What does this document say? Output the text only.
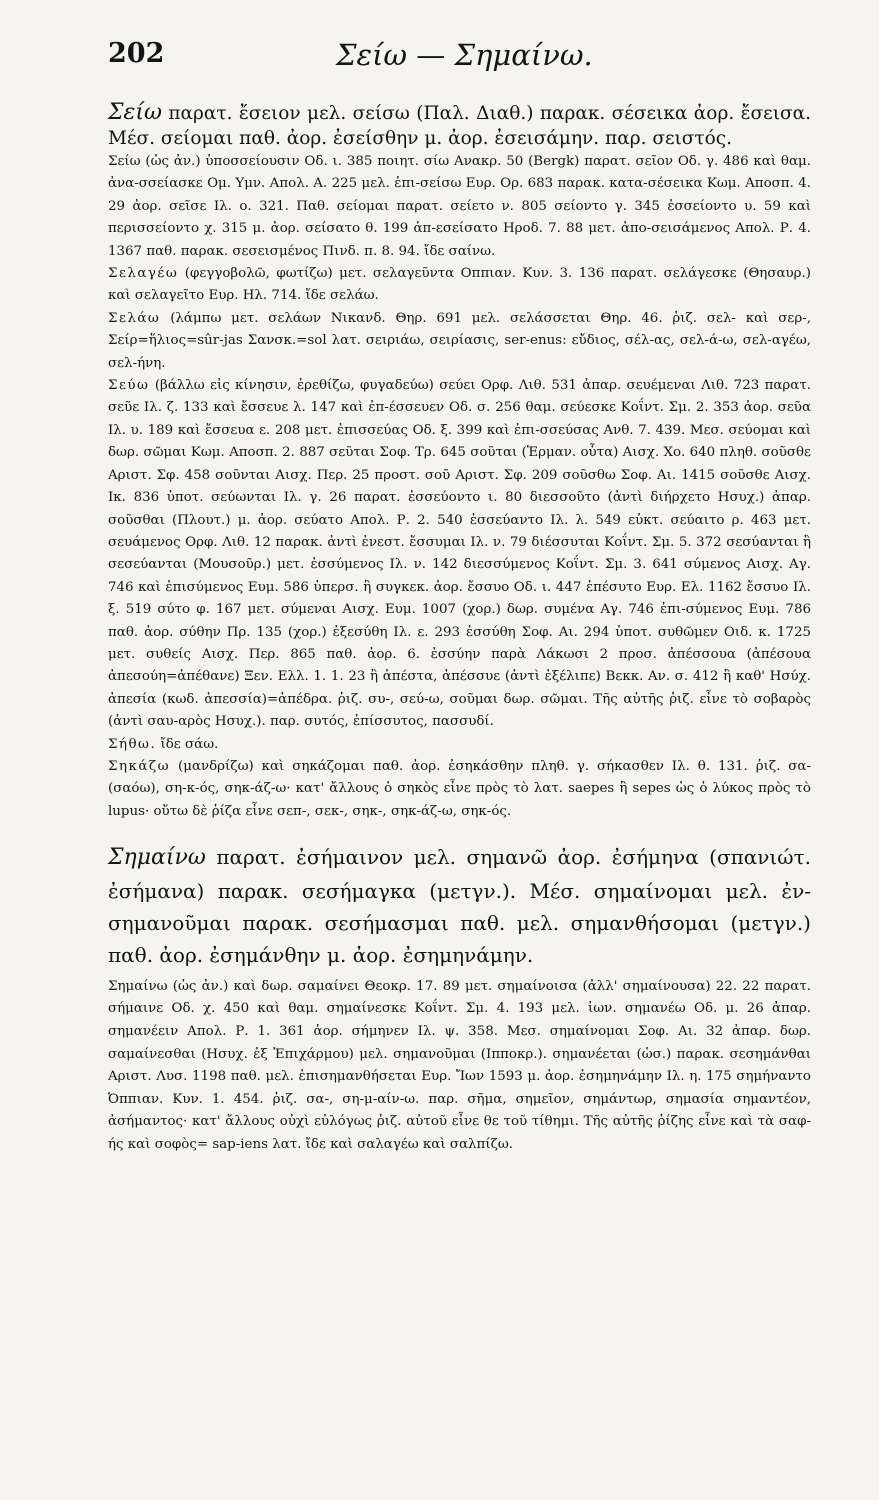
202	Σείω — Σημαίνω.
Σείω παρατ. ἔσειον μελ. σείσω (Παλ. Διαθ.) παρακ. σέσεικα ἀορ. ἔσεισα. Μέσ. σείομαι παθ. ἀορ. ἐσείσθην μ. ἀορ. ἐσεισάμην. παρ. σειστός.
Σείω (ὡς ἀν.) ὑποσσείουσιν Οδ. ι. 385 ποιητ. σίω Ανακρ. 50 (Bergk) παρατ. σεῖον Οδ. γ. 486 καὶ θαμ. ἀνα-σσείασκε Ομ. Υμν. Απολ. Α. 225 μελ. ἐπι-σείσω Ευρ. Ορ. 683 παρακ. κατα-σέσεικα Κωμ. Αποσπ. 4. 29 ἀορ. σεῖσε Ιλ. ο. 321. Παθ. σείομαι παρατ. σείετο ν. 805 σείοντο γ. 345 ἐσσείοντο υ. 59 καὶ περισσείοντο χ. 315 μ. ἀορ. σείσατο θ. 199 ἀπ-εσείσατο Ηροδ. 7. 88 μετ. ἀπο-σεισάμενος Απολ. Ρ. 4. 1367 παθ. παρακ. σεσεισμένος Πινδ. π. 8. 94. ἴδε σαίνω.
Σελαγέω (φεγγοβολῶ, φωτίζω) μετ. σελαγεῦντα Οππιαν. Κυν. 3. 136 παρατ. σελάγεσκε (Θησαυρ.) καὶ σελαγεῖτο Ευρ. Ηλ. 714. ἴδε σελάω.
Σελάω (λάμπω μετ. σελάων Νικανδ. Θηρ. 691 μελ. σελάσσεται Θηρ. 46. ῥιζ. σελ- καὶ σερ-, Σείρ=ἥλιος=sûr-jas Σανσκ.=sol λατ. σειριάω, σειρίασις, ser-enus: εὔδιος, σέλ-ας, σελ-ά-ω, σελ-αγέω, σελ-ήνη.
Σεύω (βάλλω εἰς κίνησιν, ἐρεθίζω, φυγαδεύω) σεύει Ορφ. Λιθ. 531 ἀπαρ. σευέμεναι Λιθ. 723 παρατ. σεῦε Ιλ. ζ. 133 καὶ ἔσσευε λ. 147 καὶ ἐπ-έσσευεν Οδ. σ. 256 θαμ. σεύεσκε Κοΐντ. Σμ. 2. 353 ἀορ. σεῦα Ιλ. υ. 189 καὶ ἔσσευα ε. 208 μετ. ἐπισσεύας Οδ. ξ. 399 καὶ ἐπι-σσεύσας Ανθ. 7. 439. Μεσ. σεύομαι καὶ δωρ. σῶμαι Κωμ. Αποσπ. 2. 887 σεῦται Σοφ. Τρ. 645 σοῦται (Ἑρμαν. οὗτα) Αισχ. Χο. 640 πληθ. σοῦσθε Αριστ. Σφ. 458 σοῦνται Αισχ. Περ. 25 προστ. σοῦ Αριστ. Σφ. 209 σοῦσθω Σοφ. Αι. 1415 σοῦσθε Αισχ. Ικ. 836 ὑποτ. σεύωνται Ιλ. γ. 26 παρατ. ἐσσεύοντο ι. 80 διεσσοῦτο (ἀντὶ διήρχετο Ησυχ.) ἀπαρ. σοῦσθαι (Πλουτ.) μ. ἀορ. σεύατο Απολ. Ρ. 2. 540 ἐσσεύαντο Ιλ. λ. 549 εὐκτ. σεύαιτο ρ. 463 μετ. σευάμενος Ορφ. Λιθ. 12 παρακ. ἀντὶ ἐνεστ. ἔσσυμαι Ιλ. ν. 79 διέσσυται Κοΐντ. Σμ. 5. 372 σεσύανται ἢ σεσεύανται (Μουσοῦρ.) μετ. ἐσσύμενος Ιλ. ν. 142 διεσσύμενος Κοΐντ. Σμ. 3. 641 σύμενος Αισχ. Αγ. 746 καὶ ἐπισύμενος Ευμ. 586 ὑπερσ. ἢ συγκεκ. ἀορ. ἔσσυο Οδ. ι. 447 ἐπέσυτο Ευρ. Ελ. 1162 ἔσσυο Ιλ. ξ. 519 σύτο φ. 167 μετ. σύμεναι Αισχ. Ευμ. 1007 (χορ.) δωρ. συμένα Αγ. 746 ἐπι-σύμενος Ευμ. 786 παθ. ἀορ. σύθην Πρ. 135 (χορ.) ἐξεσύθη Ιλ. ε. 293 ἐσσύθη Σοφ. Αι. 294 ὑποτ. συθῶμεν Οιδ. κ. 1725 μετ. συθείς Αισχ. Περ. 865 παθ. ἀορ. 6. ἐσσύην παρὰ Λάκωσι 2 προσ. ἀπέσσουα (ἀπέσουα ἀπεσούη=ἀπέθανε) Ξεν. Ελλ. 1. 1. 23 ἢ ἀπέστα, ἀπέσσυε (ἀντὶ ἐξέλιπε) Βεκκ. Αν. σ. 412 ἢ καθ' Ησύχ. ἀπεσία (κωδ. ἀπεσσία)=ἀπέδρα. ῥιζ. συ-, σεύ-ω, σοῦμαι δωρ. σῶμαι. Τῆς αὐτῆς ῥιζ. εἶνε τὸ σοβαρὸς (ἀντὶ σαυ-αρὸς Ησυχ.). παρ. συτός, ἐπίσσυτος, πασσυδί.
Σήθω. ἴδε σάω.
Σηκάζω (μανδρίζω) καὶ σηκάζομαι παθ. ἀορ. ἐσηκάσθην πληθ. γ. σήκασθεν Ιλ. θ. 131. ῥιζ. σα- (σαόω), ση-κ-ός, σηκ-άζ-ω· κατ' ἄλλους ὁ σηκὸς εἶνε πρὸς τὸ λατ. saepes ἢ sepes ὡς ὁ λύκος πρὸς τὸ lupus· οὕτω δὲ ῥίζα εἶνε σεπ-, σεκ-, σηκ-, σηκ-άζ-ω, σηκ-ός.
Σημαίνω παρατ. ἐσήμαινον μελ. σημανῶ ἀορ. ἐσήμηνα (σπανιώτ. ἐσήμανα) παρακ. σεσήμαγκα (μετγν.). Μέσ. σημαίνομαι μελ. ἐν-σημανοῦμαι παρακ. σεσήμασμαι παθ. μελ. σημανθήσομαι (μετγν.) παθ. ἀορ. ἐσημάνθην μ. ἀορ. ἐσημηνάμην.
Σημαίνω (ὡς ἀν.) καὶ δωρ. σαμαίνει Θεοκρ. 17. 89 μετ. σημαίνοισα (ἀλλ' σημαίνουσα) 22. 22 παρατ. σήμαινε Οδ. χ. 450 καὶ θαμ. σημαίνεσκε Κοΐντ. Σμ. 4. 193 μελ. ἰων. σημανέω Οδ. μ. 26 ἀπαρ. σημανέειν Απολ. Ρ. 1. 361 ἀορ. σήμηνεν Ιλ. ψ. 358. Μεσ. σημαίνομαι Σοφ. Αι. 32 ἀπαρ. δωρ. σαμαίνεσθαι (Ησυχ. ἐξ Ἐπιχάρμου) μελ. σημανοῦμαι (Ιπποκρ.). σημανέεται (ὡσ.) παρακ. σεσημάνθαι Αριστ. Λυσ. 1198 παθ. μελ. ἐπισημανθήσεται Ευρ. Ἴων 1593 μ. ἀορ. ἐσημηνάμην Ιλ. η. 175 σημήναντο Ὀππιαν. Κυν. 1. 454. ῥιζ. σα-, ση-μ-αίν-ω. παρ. σῆμα, σημεῖον, σημάντωρ, σημασία σημαντέον, ἀσήμαντος· κατ' ἄλλους οὐχὶ εὐλόγως ῥιζ. αὐτοῦ εἶνε θε τοῦ τίθημι. Τῆς αὐτῆς ῥίζης εἶνε καὶ τὰ σαφ-ής καὶ σοφὸς= sap-iens λατ. ἴδε καὶ σαλαγέω καὶ σαλπίζω.
